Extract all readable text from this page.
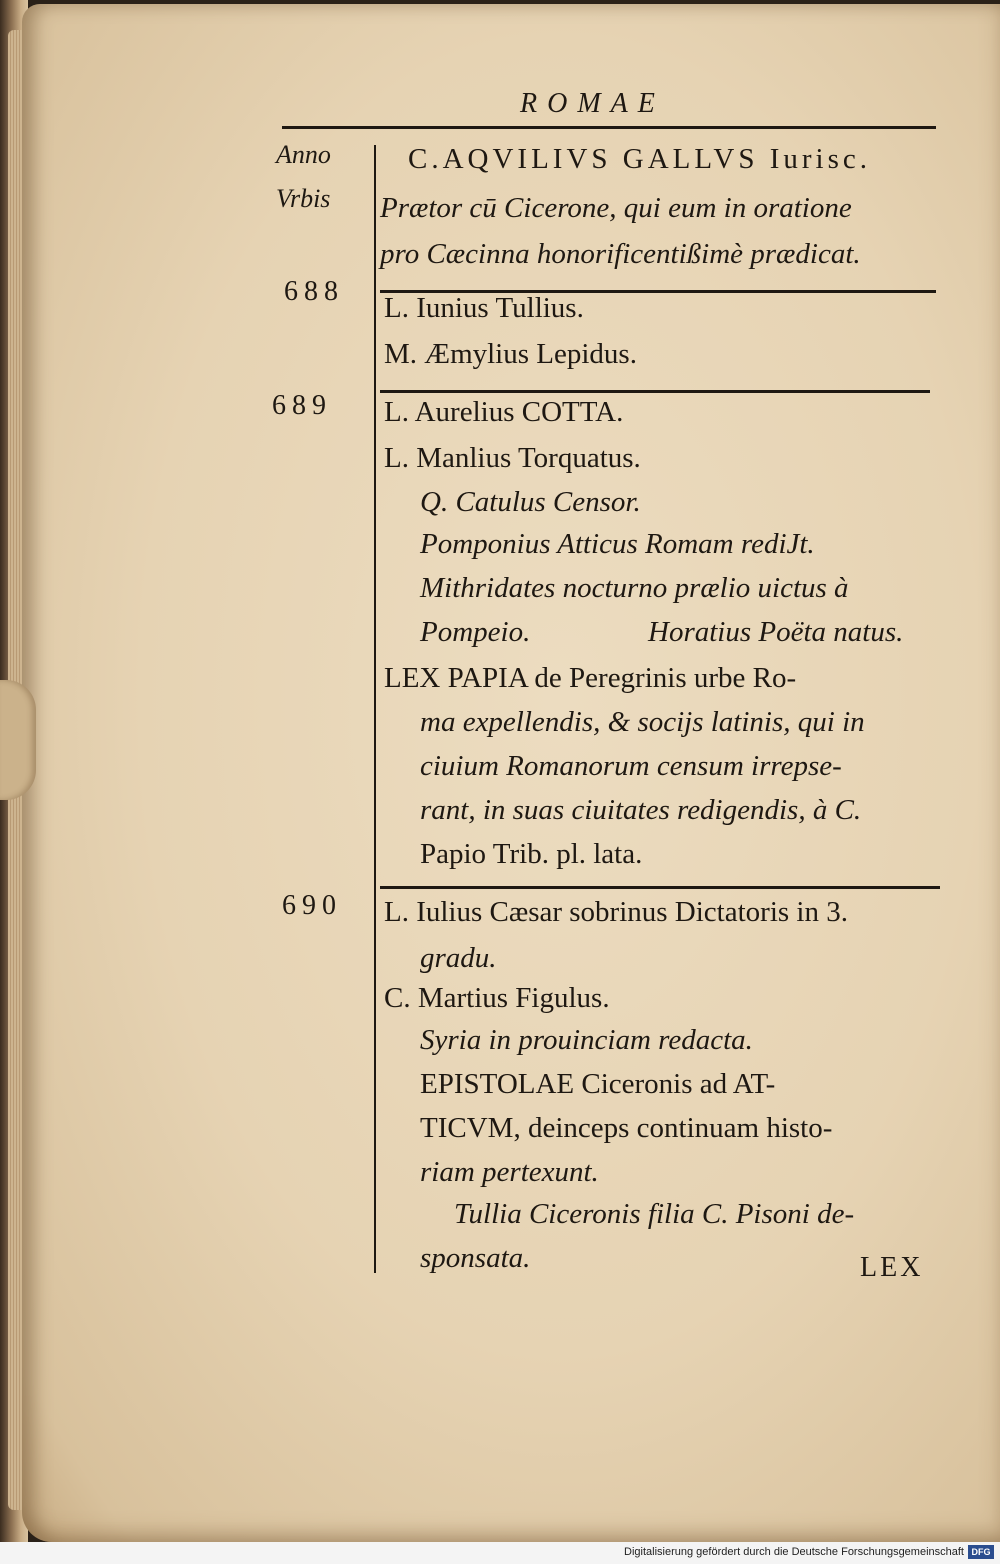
ROMAE
Anno
Vrbis
C.AQVILIVS GALLVS Iurisc.
Prætor cū Cicerone, qui eum in oratione
pro Cæcinna honorificentißimè prædicat.
688
L. Iunius Tullius.
M. Æmylius Lepidus.
689 L. Aurelius COTTA.
L. Manlius Torquatus.
Q. Catulus Censor.
Pomponius Atticus Romam rediJt.
Mithridates nocturno prælio uictus à
Pompeio.	Horatius Poëta natus.
LEX PAPIA de Peregrinis urbe Ro-
ma expellendis, & socijs latinis, qui in
ciuium Romanorum censum irrepse-
rant, in suas ciuitates redigendis, à C.
Papio Trib. pl. lata.
690 L. Iulius Cæsar sobrinus Dictatoris in 3.
gradu.
C. Martius Figulus.
Syria in prouinciam redacta.
EPISTOLAE Ciceronis ad AT-
TICVM, deinceps continuam histo-
riam pertexunt.
Tullia Ciceronis filia C. Pisoni de-
sponsata.	LEX
Digitalisierung gefördert durch die Deutsche Forschungsgemeinschaft DFG
